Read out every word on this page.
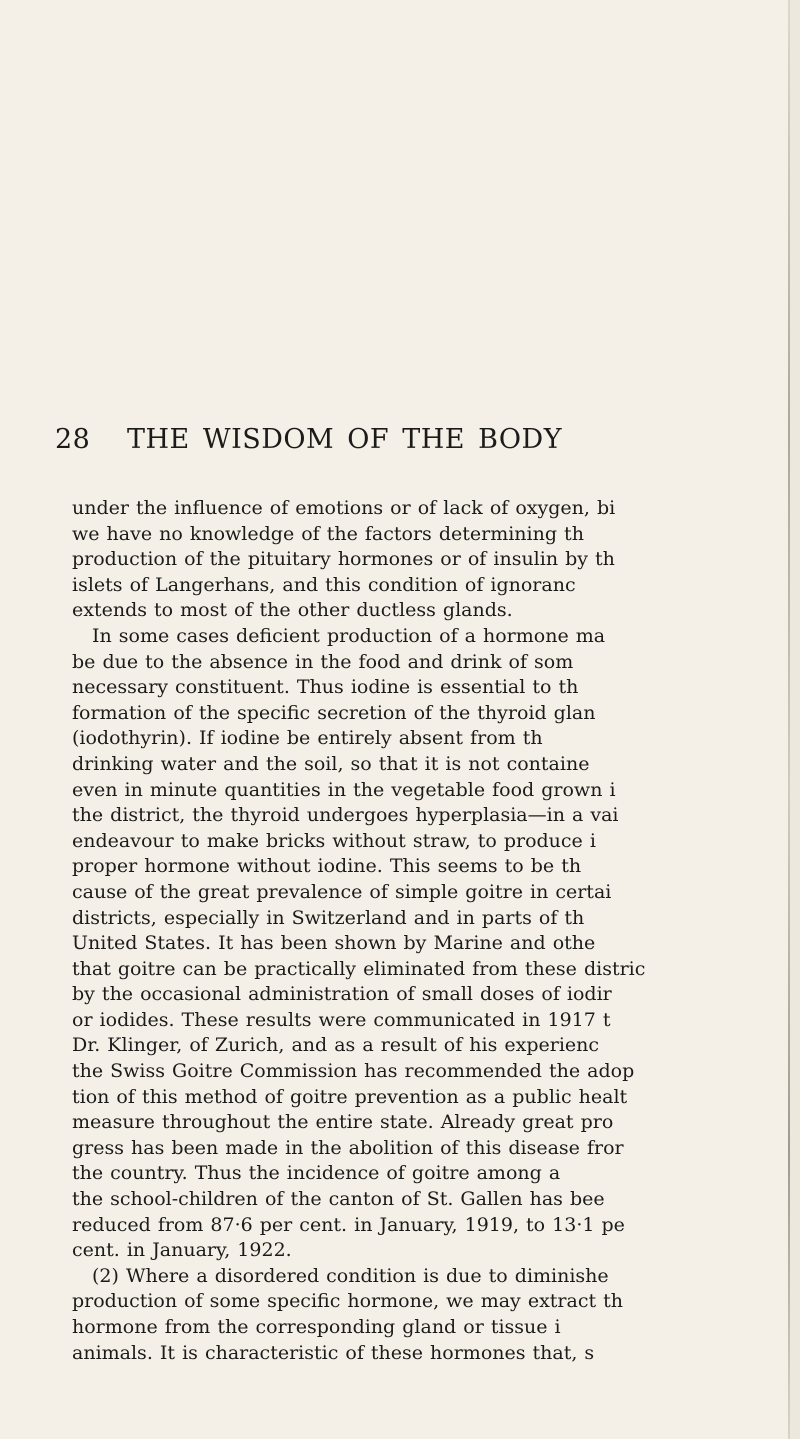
28 THE WISDOM OF THE BODY
under the influence of emotions or of lack of oxygen, bi
we have no knowledge of the factors determining th
production of the pituitary hormones or of insulin by th
islets of Langerhans, and this condition of ignoranc
extends to most of the other ductless glands.
In some cases deficient production of a hormone ma
be due to the absence in the food and drink of som
necessary constituent. Thus iodine is essential to th
formation of the specific secretion of the thyroid glan
(iodothyrin). If iodine be entirely absent from th
drinking water and the soil, so that it is not containe
even in minute quantities in the vegetable food grown i
the district, the thyroid undergoes hyperplasia—in a vai
endeavour to make bricks without straw, to produce i
proper hormone without iodine. This seems to be th
cause of the great prevalence of simple goitre in certai
districts, especially in Switzerland and in parts of th
United States. It has been shown by Marine and othe
that goitre can be practically eliminated from these distric
by the occasional administration of small doses of iodir
or iodides. These results were communicated in 1917 t
Dr. Klinger, of Zurich, and as a result of his experienc
the Swiss Goitre Commission has recommended the adop
tion of this method of goitre prevention as a public healt
measure throughout the entire state. Already great pro
gress has been made in the abolition of this disease fror
the country. Thus the incidence of goitre among a
the school-children of the canton of St. Gallen has bee
reduced from 87·6 per cent. in January, 1919, to 13·1 pe
cent. in January, 1922.
(2) Where a disordered condition is due to diminishe
production of some specific hormone, we may extract th
hormone from the corresponding gland or tissue i
animals. It is characteristic of these hormones that, s
